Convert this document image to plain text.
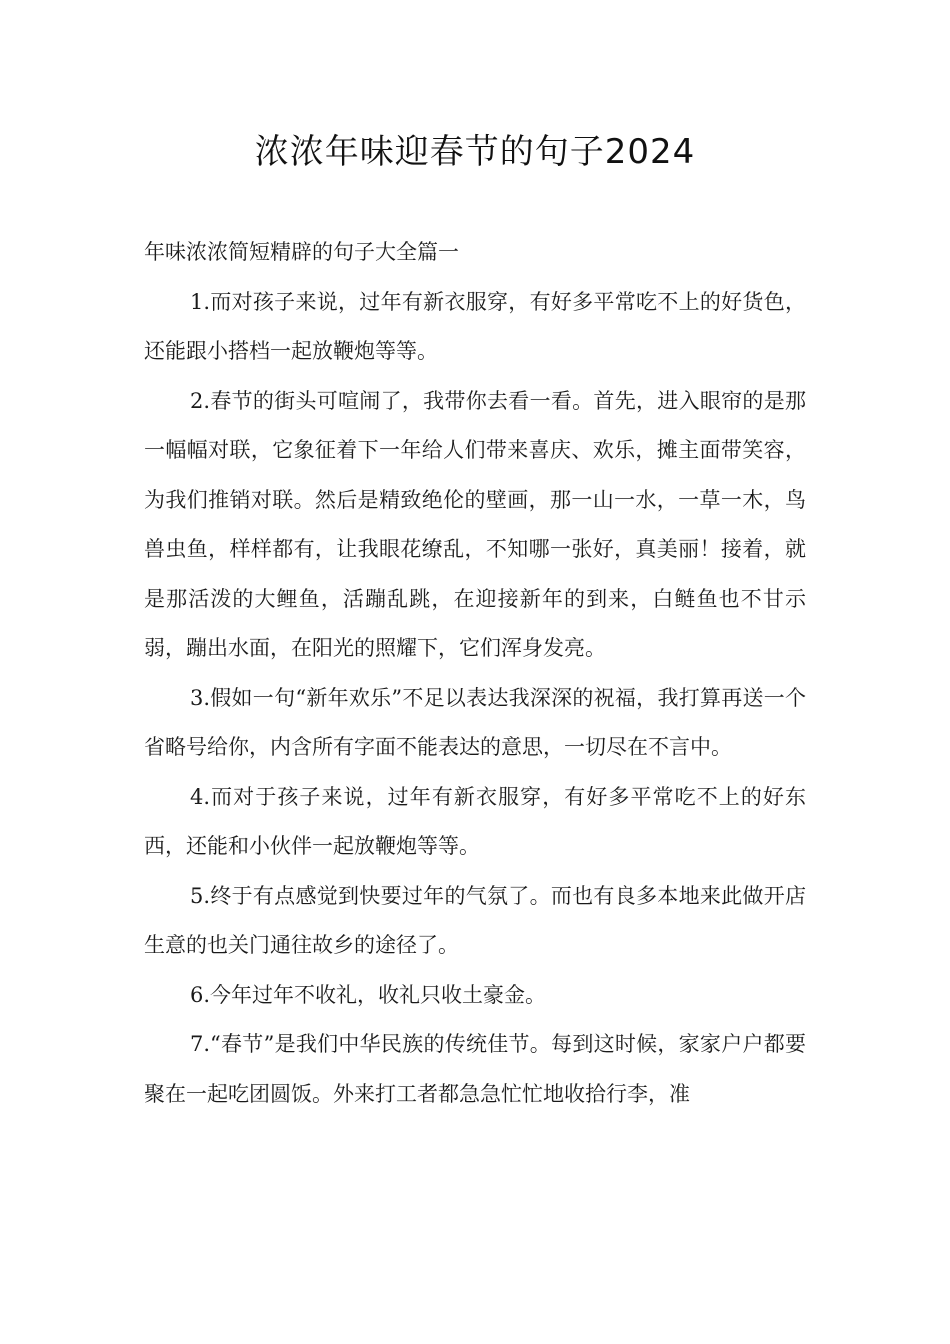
浓浓年味迎春节的句子2024

年味浓浓简短精辟的句子大全篇一

1.而对孩子来说，过年有新衣服穿，有好多平常吃不上的好货色，还能跟小搭档一起放鞭炮等等。

2.春节的街头可喧闹了，我带你去看一看。首先，进入眼帘的是那一幅幅对联，它象征着下一年给人们带来喜庆、欢乐，摊主面带笑容，为我们推销对联。然后是精致绝伦的壁画，那一山一水，一草一木，鸟兽虫鱼，样样都有，让我眼花缭乱，不知哪一张好，真美丽！接着，就是那活泼的大鲤鱼，活蹦乱跳，在迎接新年的到来，白鲢鱼也不甘示弱，蹦出水面，在阳光的照耀下，它们浑身发亮。

3.假如一句“新年欢乐”不足以表达我深深的祝福，我打算再送一个省略号给你，内含所有字面不能表达的意思，一切尽在不言中。

4.而对于孩子来说，过年有新衣服穿，有好多平常吃不上的好东西，还能和小伙伴一起放鞭炮等等。

5.终于有点感觉到快要过年的气氛了。而也有良多本地来此做开店生意的也关门通往故乡的途径了。

6.今年过年不收礼，收礼只收土豪金。

7.“春节”是我们中华民族的传统佳节。每到这时候，家家户户都要聚在一起吃团圆饭。外来打工者都急急忙忙地收拾行李，准
